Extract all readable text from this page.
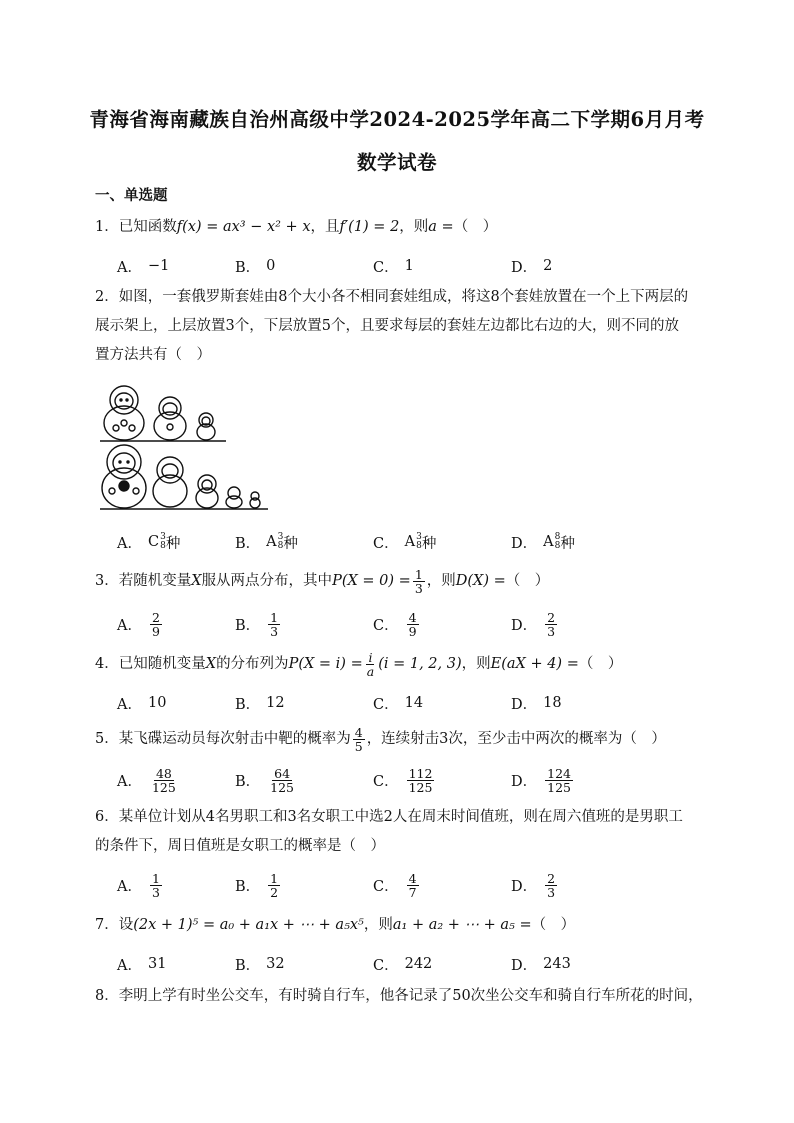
青海省海南藏族自治州高级中学2024-2025学年高二下学期6月月考
数学试卷
一、单选题
1．已知函数f(x) = ax³ − x² + x，且f′(1) = 2，则a =（　）
A． −1	B． 0	C． 1	D． 2
2．如图，一套俄罗斯套娃由8个大小各不相同套娃组成，将这8个套娃放置在一个上下两层的
展示架上，上层放置3个，下层放置5个，且要求每层的套娃左边都比右边的大，则不同的放
置方法共有（　）
A． C 3
8 种	B． A 3
8 种	C． A 3
8 种	D． A 8
8 种
3．若随机变量X服从两点分布，其中$P(X = 0) = \frac{1}{3}$ ，则D(X) =（　）
A． $\frac{2}{9}$	B． $\frac{1}{3}$	C． $\frac{4}{9}$	D． $\frac{2}{3}$
4．已知随机变量X的分布列为$P(X = i) = \frac{i}{a} (i = 1$, 2, 3)，则E(aX + 4) =（　）
A． 10	B． 12	C． 14	D． 18
5．某飞碟运动员每次射击中靶的概率为 $\frac{4}{5}$ ，连续射击3次，至少击中两次的概率为（　）
A． $\frac{48}{125}$	B． $\frac{64}{125}$	C． $\frac{112}{125}$	D． $\frac{124}{125}$
6．某单位计划从4名男职工和3名女职工中选2人在周末时间值班，则在周六值班的是男职工
的条件下，周日值班是女职工的概率是（　）
A． $\frac{1}{3}$	B． $\frac{1}{2}$	C． $\frac{4}{7}$	D． $\frac{2}{3}$
7．设(2x + 1)⁵ = a₀ + a₁x + ⋯ + a₅x⁵，则a₁ + a₂ + ⋯ + a₅ =（　）
A． 31	B． 32	C． 242	D． 243
8．李明上学有时坐公交车，有时骑自行车，他各记录了50次坐公交车和骑自行车所花的时间，
